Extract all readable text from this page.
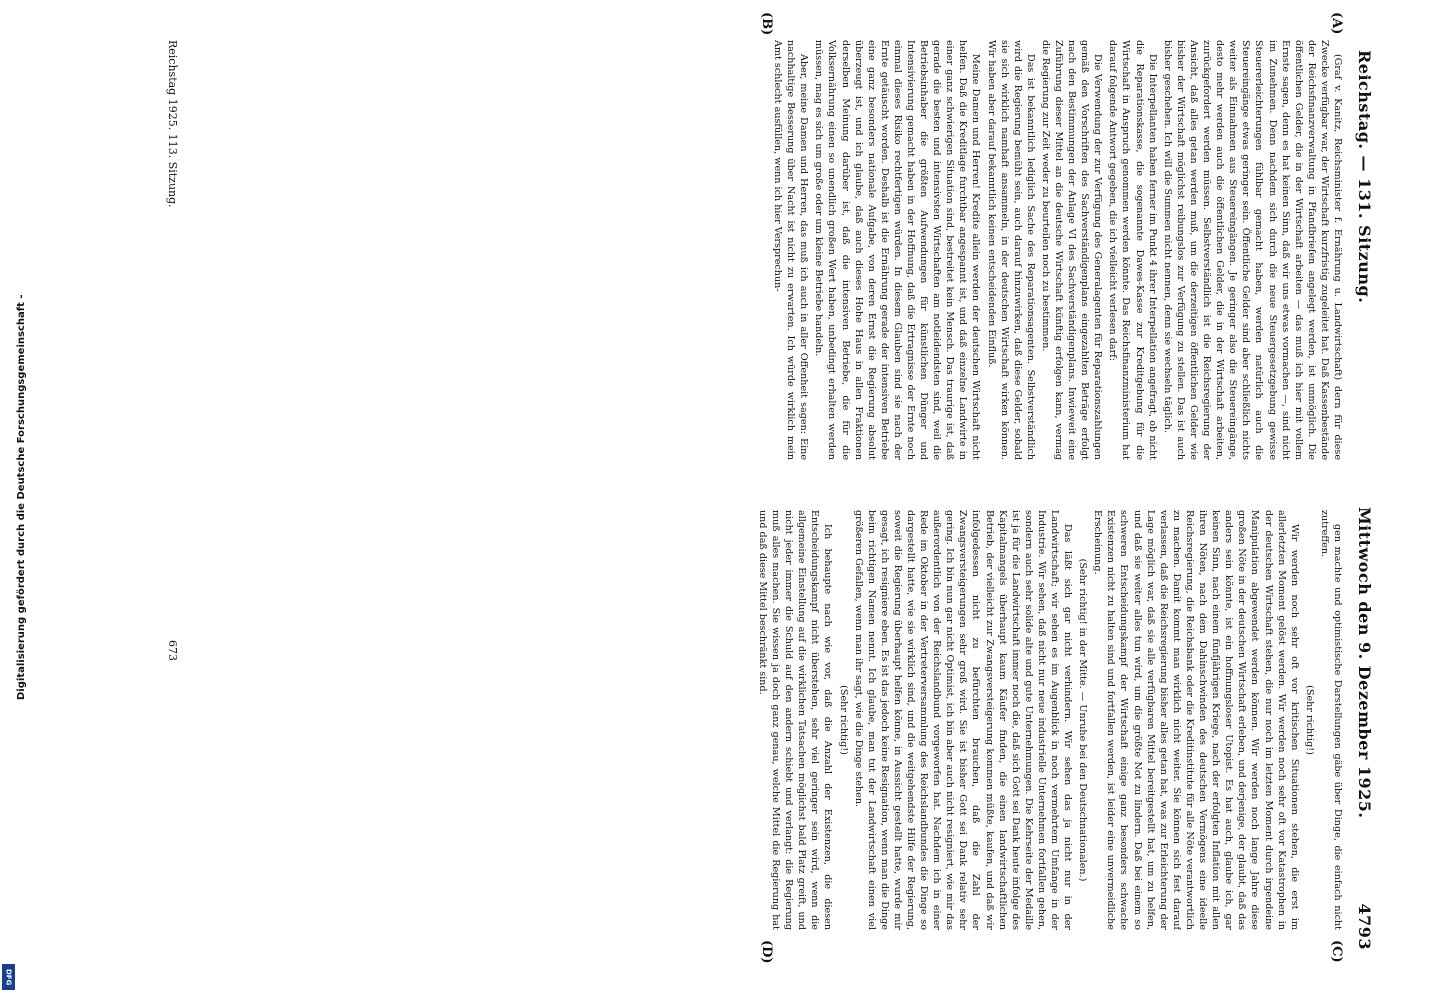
Reichstag. — 131. Sitzung.
Mittwoch den 9. Dezember 1925.              4793
(A)
(B)
(C)
(D)

(Graf v. Kanitz, Reichsminister f. Ernährung u. Landwirtschaft) dern für diese Zwecke verfügbar war, der Wirtschaft kurzfristig zugeleitet hat. Daß Kassenbestände der Reichsfinanzverwaltung in Pfandbriefen angelegt werden, ist unmöglich. Die öffentlichen Gelder, die in der Wirtschaft arbeiten — das muß ich hier mit vollem Ernste sagen, denn es hat keinen Sinn, daß wir uns etwas vormachen —, sind nicht im Zunehmen. Denn nachdem sich durch die neue Steuergesetzgebung gewisse Steuererleichterungen fühlbar gemacht haben, werden natürlich auch die Steuereingänge etwas geringer sein. Öffentliche Gelder sind aber schließlich nichts weiter als Einnahmen aus Steuereingängen. Je geringer also die Steuereingänge, desto mehr werden auch die öffentlichen Gelder, die in der Wirtschaft arbeiten, zurückgefordert werden müssen. Selbstverständlich ist die Reichsregierung der Ansicht, daß alles getan werden muß, um die derzeitigen öffentlichen Gelder wie bisher der Wirtschaft möglichst reibungslos zur Verfügung zu stellen. Das ist auch bisher geschehen. Ich will die Summen nicht nennen, denn sie wechseln täglich.

Die Interpellanten haben ferner im Punkt 4 ihrer Interpellation angefragt, ob nicht die Reparationskasse, die sogenannte Dawes-Kasse zur Kreditgebung für die Wirtschaft in Anspruch genommen werden könnte. Das Reichsfinanzministerium hat darauf folgende Antwort gegeben, die ich vielleicht verlesen darf:

Die Verwendung der zur Verfügung des Generalagenten für Reparationszahlungen gemäß den Vorschriften des Sachverständigenplans eingezahlten Beträge erfolgt nach den Bestimmungen der Anlage VI des Sachverständigenplans. Inwieweit eine Zuführung dieser Mittel an die deutsche Wirtschaft künftig erfolgen kann, vermag die Regierung zur Zeit weder zu beurteilen noch zu bestimmen.

Das ist bekanntlich lediglich Sache des Reparationsagenten. Selbstverständlich wird die Regierung bemüht sein, auch darauf hinzuwirken, daß diese Gelder, sobald sie sich wirklich namhaft ansammeln, in der deutschen Wirtschaft wirken können. Wir haben aber darauf bekanntlich keinen entscheidenden Einfluß.

Meine Damen und Herren! Kredite allein werden der deutschen Wirtschaft nicht helfen. Daß die Kreditlage furchtbar angespannt ist, und daß einzelne Landwirte in einer ganz schwierigen Situation sind, bestreitet kein Mensch. Das traurige ist, daß gerade die besten und intensivsten Wirtschaften am notleidendsten sind, weil die Betriebsinhaber die größten Aufwendungen für künstlichen Dünger und Intensivierung gemacht haben in der Hoffnung, daß die Ertragnisse der Ernte noch einmal dieses Risiko rechtfertigen würden. In diesem Glauben sind sie nach der Ernte getäuscht worden. Deshalb ist die Ernährung gerade der intensiven Betriebe eine ganz besonders nationale Aufgabe, von deren Ernst die Regierung absolut überzeugt ist, und ich glaube, daß auch dieses Hohe Haus in allen Fraktionen derselben Meinung darüber ist, daß die intensiven Betriebe, die für die Volksernährung einen so unendlich großen Wert haben, unbedingt erhalten werden müssen, mag es sich um große oder um kleine Betriebe handeln.

Aber, meine Damen und Herren, das muß ich auch in aller Offenheit sagen: Eine nachhaltige Besserung über Nacht ist nicht zu erwarten. Ich würde wirklich mein Amt schlecht ausfüllen, wenn ich hier Versprechun-

gen machte und optimistische Darstellungen gäbe über Dinge, die einfach nicht zutreffen.

(Sehr richtig!)

Wir werden noch sehr oft vor kritischen Situationen stehen, die erst im allerletzten Moment gelöst werden. Wir werden noch sehr oft vor Katastrophen in der deutschen Wirtschaft stehen, die nur noch im letzten Moment durch irgendeine Manipulation abgewendet werden können. Wir werden noch lange Jahre diese großen Nöte in der deutschen Wirtschaft erleben, und derjenige, der glaubt, daß das anders sein könnte, ist ein hoffnungsloser Utopist. Es hat auch, glaube ich, gar keinen Sinn, nach einem fünfjährigen Kriege, nach der erfolgten Inflation mit allen ihren Nöten, nach dem Dahinschwinden des deutschen Vermögens eine ideelle Reichsregierung, die Reichsbank oder die Kreditinstitute für alle Nöte verantwortlich zu machen. Damit kommt man wirklich nicht weiter. Sie können sich fest darauf verlassen, daß die Reichsregierung bisher alles getan hat, was zur Erleichterung der Lage möglich war, daß sie alle verfügbaren Mittel bereitgestellt hat, um zu helfen, und daß sie weiter alles tun wird, um die größte Not zu lindern. Daß bei einem so schweren Entscheidungskampf der Wirtschaft einige ganz besonders schwache Existenzen nicht zu halten sind und fortfallen werden, ist leider eine unvermeidliche Erscheinung.

(Sehr richtig! in der Mitte. — Unruhe bei den Deutschnationalen.)

Das läßt sich gar nicht verhindern. Wir sehen das ja nicht nur in der Landwirtschaft; wir sehen es im Augenblick in noch vermehrtem Umfange in der Industrie. Wir sehen, daß nicht nur neue industrielle Unternehmen fortfallen gehen, sondern auch sehr solide alte und gute Unternehmungen. Die Kehrseite der Medaille ist ja für die Landwirtschaft immer noch die, daß sich Gott sei Dank heute infolge des Kapitalmangels überhaupt kaum Käufer finden, die einen landwirtschaftlichen Betrieb, der vielleicht zur Zwangsversteigerung kommen müßte, kaufen, und daß wir infolgedessen nicht zu befürchten brauchen, daß die Zahl der Zwangsversteigerungen sehr groß wird. Sie ist bisher Gott sei Dank relativ sehr gering. Ich bin nun gar nicht Optimist, ich bin aber auch nicht resigniert, wie mir das außerordentlich von der Reichslandbund vorgeworfen hat. Nachdem ich in einer Rede im Oktober in der Vertreterversammlung des Reichslandbundes die Dinge so dargestellt hatte, wie sie wirklich sind, und die weitgehendste Hilfe der Regierung, soweit die Regierung überhaupt helfen könne, in Aussicht gestellt hatte, wurde mir gesagt, ich resigniere eben. Es ist das jedoch keine Resignation, wenn man die Dinge beim richtigen Namen nennt. Ich glaube, man tut der Landwirtschaft einen viel größeren Gefallen, wenn man ihr sagt, wie die Dinge stehen.

(Sehr richtig!)

Ich behaupte nach wie vor, daß die Anzahl der Existenzen, die diesen Entscheidungskampf nicht überstehen, sehr viel geringer sein wird, wenn die allgemeine Einstellung auf die wirklichen Tatsachen möglichst bald Platz greift, und nicht jeder immer die Schuld auf den andern schiebt und verlangt: die Regierung muß alles machen. Sie wissen ja doch ganz genau, welche Mittel die Regierung hat und daß diese Mittel beschränkt sind.

Reichstag 1925. 113. Sitzung.
673
Digitalisierung gefördert durch die Deutsche Forschungsgemeinschaft -
DFG
